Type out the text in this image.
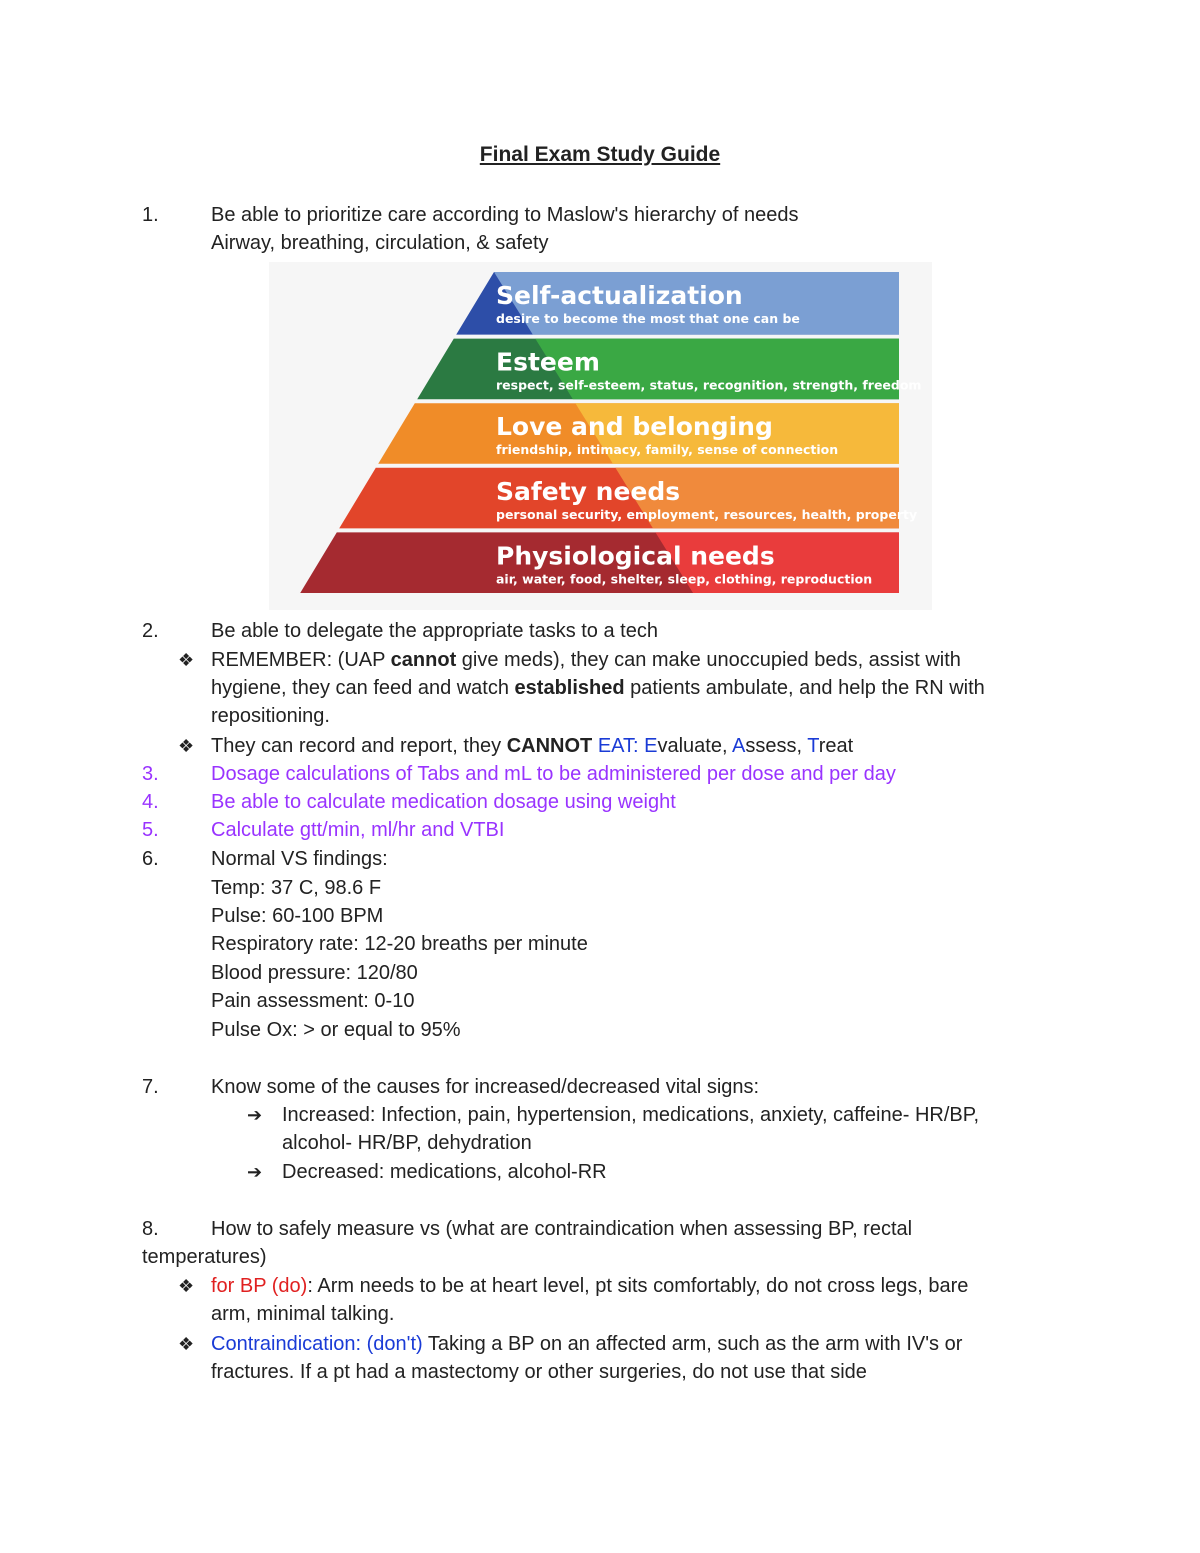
Final Exam Study Guide
1.	Be able to prioritize care according to Maslow's hierarchy of needs
Airway, breathing, circulation, & safety
Self-actualization
desire to become the most that one can be
Esteem
respect, self-esteem, status, recognition, strength, freedom
Love and belonging
friendship, intimacy, family, sense of connection
Safety needs
personal security, employment, resources, health, property
Physiological needs
air, water, food, shelter, sleep, clothing, reproduction
2.	Be able to delegate the appropriate tasks to a tech
❖ REMEMBER: (UAP cannot give meds), they can make unoccupied beds, assist with
hygiene, they can feed and watch established patients ambulate, and help the RN with
repositioning.
❖ They can record and report, they CANNOT EAT: Evaluate, Assess, Treat
3.	Dosage calculations of Tabs and mL to be administered per dose and per day
4.	Be able to calculate medication dosage using weight
5.	Calculate gtt/min, ml/hr and VTBI
6.	Normal VS findings:
Temp: 37 C, 98.6 F
Pulse: 60-100 BPM
Respiratory rate: 12-20 breaths per minute
Blood pressure: 120/80
Pain assessment: 0-10
Pulse Ox: > or equal to 95%
7.	Know some of the causes for increased/decreased vital signs:
➔ Increased: Infection, pain, hypertension, medications, anxiety, caffeine- HR/BP,
alcohol- HR/BP, dehydration
➔ Decreased: medications, alcohol-RR
8.	How to safely measure vs (what are contraindication when assessing BP, rectal
temperatures)
❖ for BP (do): Arm needs to be at heart level, pt sits comfortably, do not cross legs, bare
arm, minimal talking.
❖ Contraindication: (don't) Taking a BP on an affected arm, such as the arm with IV's or
fractures. If a pt had a mastectomy or other surgeries, do not use that side
